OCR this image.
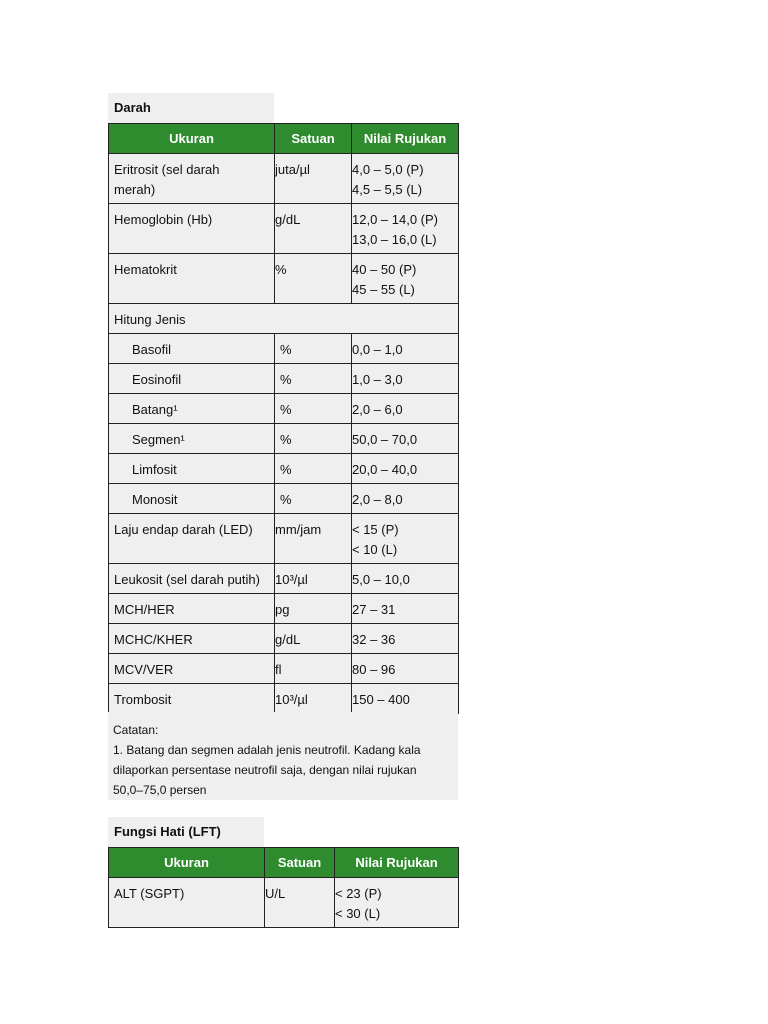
Darah
Ukuran	Satuan	Nilai Rujukan
Eritrosit (sel darah
merah)	juta/µl	4,0 – 5,0 (P)
4,5 – 5,5 (L)

Hemoglobin (Hb)	g/dL	12,0 – 14,0 (P)
13,0 – 16,0 (L)

Hematokrit	%	40 – 50 (P)
45 – 55 (L)

Hitung Jenis		
Basofil	%	0,0 – 1,0
Eosinofil	%	1,0 – 3,0
Batang¹	%	2,0 – 6,0
Segmen¹	%	50,0 – 70,0
Limfosit	%	20,0 – 40,0
Monosit	%	2,0 – 8,0
Laju endap darah (LED)	mm/jam	< 15 (P)
< 10 (L)

Leukosit (sel darah putih)	10³/µl	5,0 – 10,0
MCH/HER	pg	27 – 31
MCHC/KHER	g/dL	32 – 36
MCV/VER	fl	80 – 96
Trombosit	10³/µl	150 – 400
Catatan:
1. Batang dan segmen adalah jenis neutrofil. Kadang kala
dilaporkan persentase neutrofil saja, dengan nilai rujukan
50,0–75,0 persen
Fungsi Hati (LFT)
Ukuran	Satuan	Nilai Rujukan
ALT (SGPT)	U/L	< 23 (P)
< 30 (L)
